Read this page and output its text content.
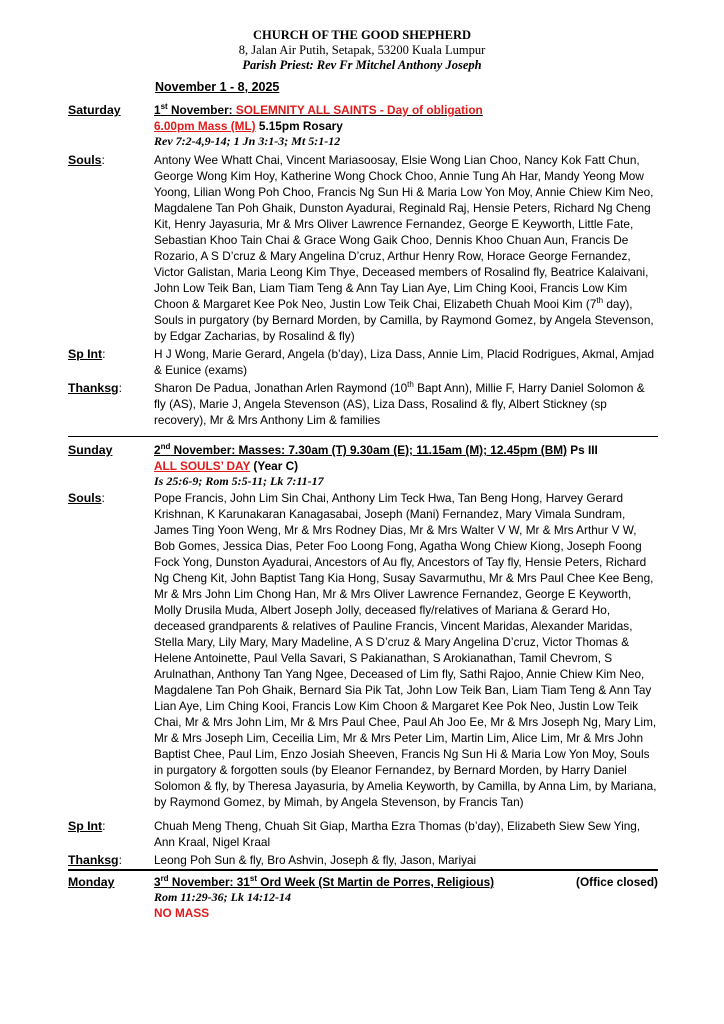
CHURCH OF THE GOOD SHEPHERD
8, Jalan Air Putih, Setapak, 53200 Kuala Lumpur
Parish Priest: Rev Fr Mitchel Anthony Joseph
November 1 - 8, 2025
Saturday	1st November: SOLEMNITY ALL SAINTS - Day of obligation

6.00pm Mass (ML) 5.15pm Rosary

Rev 7:2-4,9-14; 1 Jn 3:1-3; Mt 5:1-12

Souls:	Antony Wee Whatt Chai, Vincent Mariasoosay, Elsie Wong Lian Choo, Nancy Kok Fatt Chun, George Wong Kim Hoy, Katherine Wong Chock Choo, Annie Tung Ah Har, Mandy Yeong Mow Yoong, Lilian Wong Poh Choo, Francis Ng Sun Hi & Maria Low Yon Moy, Annie Chiew Kim Neo, Magdalene Tan Poh Ghaik, Dunston Ayadurai, Reginald Raj, Hensie Peters, Richard Ng Cheng Kit, Henry Jayasuria, Mr & Mrs Oliver Lawrence Fernandez, George E Keyworth, Little Fate, Sebastian Khoo Tain Chai & Grace Wong Gaik Choo, Dennis Khoo Chuan Aun, Francis De Rozario, A S D’cruz & Mary Angelina D’cruz, Arthur Henry Row, Horace George Fernandez, Victor Galistan, Maria Leong Kim Thye, Deceased members of Rosalind fly, Beatrice Kalaivani, John Low Teik Ban, Liam Tiam Teng & Ann Tay Lian Aye, Lim Ching Kooi, Francis Low Kim Choon & Margaret Kee Pok Neo, Justin Low Teik Chai, Elizabeth Chuah Mooi Kim (7th day), Souls in purgatory (by Bernard Morden, by Camilla, by Raymond Gomez, by Angela Stevenson, by Edgar Zacharias, by Rosalind & fly)

Sp Int:	H J Wong, Marie Gerard, Angela (b’day), Liza Dass, Annie Lim, Placid Rodrigues, Akmal, Amjad & Eunice (exams)

Thanksg:	Sharon De Padua, Jonathan Arlen Raymond (10th Bapt Ann), Millie F, Harry Daniel Solomon & fly (AS), Marie J, Angela Stevenson (AS), Liza Dass, Rosalind & fly, Albert Stickney (sp recovery), Mr & Mrs Anthony Lim & families

Sunday	2nd November: Masses: 7.30am (T) 9.30am (E); 11.15am (M); 12.45pm (BM) Ps III

ALL SOULS’ DAY (Year C)

Is 25:6-9; Rom 5:5-11; Lk 7:11-17

Souls:	Pope Francis, John Lim Sin Chai, Anthony Lim Teck Hwa, Tan Beng Hong, Harvey Gerard Krishnan, K Karunakaran Kanagasabai, Joseph (Mani) Fernandez, Mary Vimala Sundram, James Ting Yoon Weng, Mr & Mrs Rodney Dias, Mr & Mrs Walter V W, Mr & Mrs Arthur V W, Bob Gomes, Jessica Dias, Peter Foo Loong Fong, Agatha Wong Chiew Kiong, Joseph Foong Fock Yong, Dunston Ayadurai, Ancestors of Au fly, Ancestors of Tay fly, Hensie Peters, Richard Ng Cheng Kit, John Baptist Tang Kia Hong, Susay Savarmuthu, Mr & Mrs Paul Chee Kee Beng, Mr & Mrs John Lim Chong Han, Mr & Mrs Oliver Lawrence Fernandez, George E Keyworth, Molly Drusila Muda, Albert Joseph Jolly, deceased fly/relatives of Mariana & Gerard Ho, deceased grandparents & relatives of Pauline Francis, Vincent Maridas, Alexander Maridas, Stella Mary, Lily Mary, Mary Madeline, A S D’cruz & Mary Angelina D’cruz, Victor Thomas & Helene Antoinette, Paul Vella Savari, S Pakianathan, S Arokianathan, Tamil Chevrom, S Arulnathan, Anthony Tan Yang Ngee, Deceased of Lim fly, Sathi Rajoo, Annie Chiew Kim Neo, Magdalene Tan Poh Ghaik, Bernard Sia Pik Tat, John Low Teik Ban, Liam Tiam Teng & Ann Tay Lian Aye, Lim Ching Kooi, Francis Low Kim Choon & Margaret Kee Pok Neo, Justin Low Teik Chai, Mr & Mrs John Lim, Mr & Mrs Paul Chee, Paul Ah Joo Ee, Mr & Mrs Joseph Ng, Mary Lim, Mr & Mrs Joseph Lim, Ceceilia Lim, Mr & Mrs Peter Lim, Martin Lim, Alice Lim, Mr & Mrs John Baptist Chee, Paul Lim, Enzo Josiah Sheeven, Francis Ng Sun Hi & Maria Low Yon Moy, Souls in purgatory & forgotten souls (by Eleanor Fernandez, by Bernard Morden, by Harry Daniel Solomon & fly, by Theresa Jayasuria, by Amelia Keyworth, by Camilla, by Anna Lim, by Mariana, by Raymond Gomez, by Mimah, by Angela Stevenson, by Francis Tan)

Sp Int:	Chuah Meng Theng, Chuah Sit Giap, Martha Ezra Thomas (b’day), Elizabeth Siew Sew Ying, Ann Kraal, Nigel Kraal

Thanksg:	Leong Poh Sun & fly, Bro Ashvin, Joseph & fly, Jason, Mariyai

Monday	3rd November: 31st Ord Week (St Martin de Porres, Religious)

Rom 11:29-36; Lk 14:12-14

NO MASS

(Office closed)
